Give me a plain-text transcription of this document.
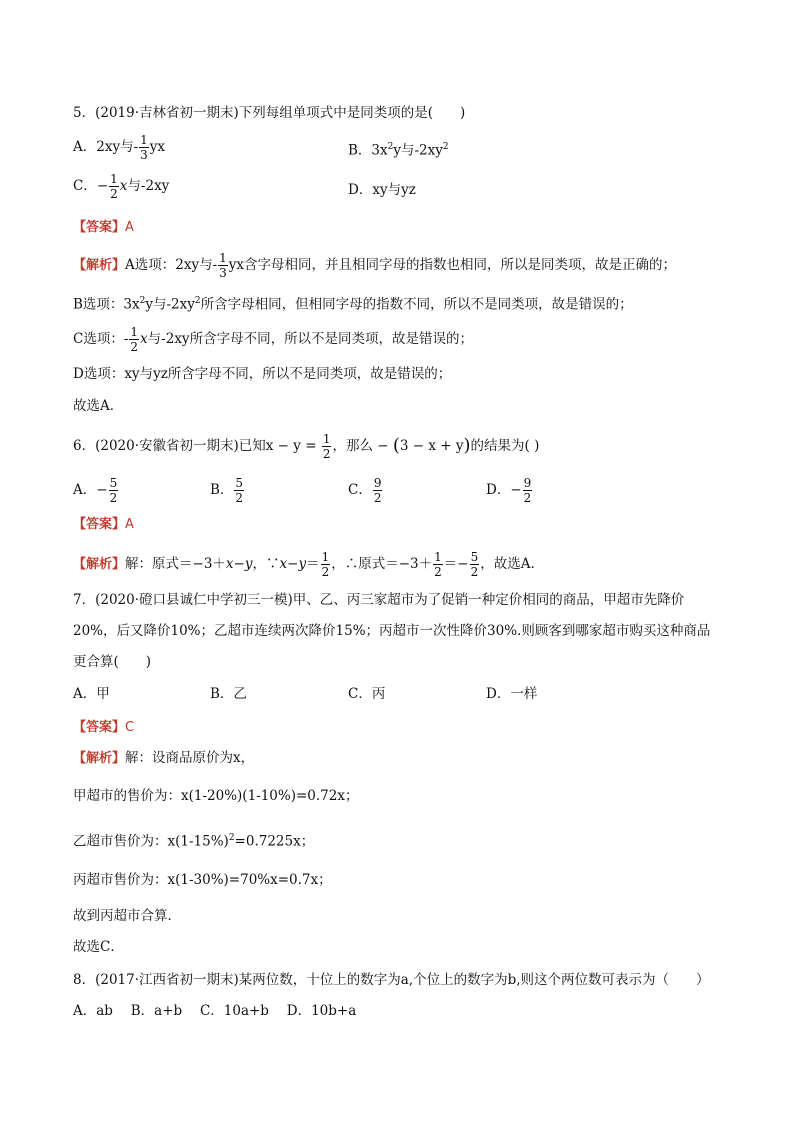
5．(2019·吉林省初一期末)下列每组单项式中是同类项的是(　　)
A．2xy与- $\frac{1}{3}$ yx	B．$3x^2y$与$-2xy^2$
C．− $\frac{1}{2}$ x与-2xy	D．xy与yz
【答案】A
【解析】A选项：2xy与- $\frac{1}{3}$ yx含字母相同，并且相同字母的指数也相同，所以是同类项，故是正确的；
B选项：$3x^2y$与$-2xy^2$所含字母相同，但相同字母的指数不同，所以不是同类项，故是错误的；
C选项：- $\frac{1}{2}$ x与-2xy所含字母不同，所以不是同类项，故是错误的；
D选项：xy与yz所含字母不同，所以不是同类项，故是错误的；
故选A．
6．(2020·安徽省初一期末)已知$x - y = \frac{1}{2}$ ，那么 − (3 − x + y)的结果为( )
A．− $\frac{5}{2}$	B． $\frac{5}{2}$	C． $\frac{9}{2}$	D．− $\frac{9}{2}$
【答案】A
【解析】解：原式＝−3＋x−y，∵x−y＝ $\frac{1}{2}$ ，∴原式$=-3+ \frac{1}{2} =- \frac{5}{2}$ ，故选A.
7．(2020·磴口县诚仁中学初三一模)甲、乙、丙三家超市为了促销一种定价相同的商品，甲超市先降价
20%，后又降价10%；乙超市连续两次降价15%；丙超市一次性降价30%.则顾客到哪家超市购买这种商品
更合算(　　)
A．甲	B．乙	C．丙	D．一样
【答案】C
【解析】解：设商品原价为x，
甲超市的售价为：x(1-20%)(1-10%)=0.72x；
乙超市售价为：$x(1-15\%)^2=0.7225x$；
丙超市售价为：x(1-30%)=70%x=0.7x；
故到丙超市合算．
故选C．
8．(2017·江西省初一期末)某两位数，十位上的数字为a,个位上的数字为b,则这个两位数可表示为（　　）
A．ab　 B．a+b　 C．10a+b　 D．10b+a
